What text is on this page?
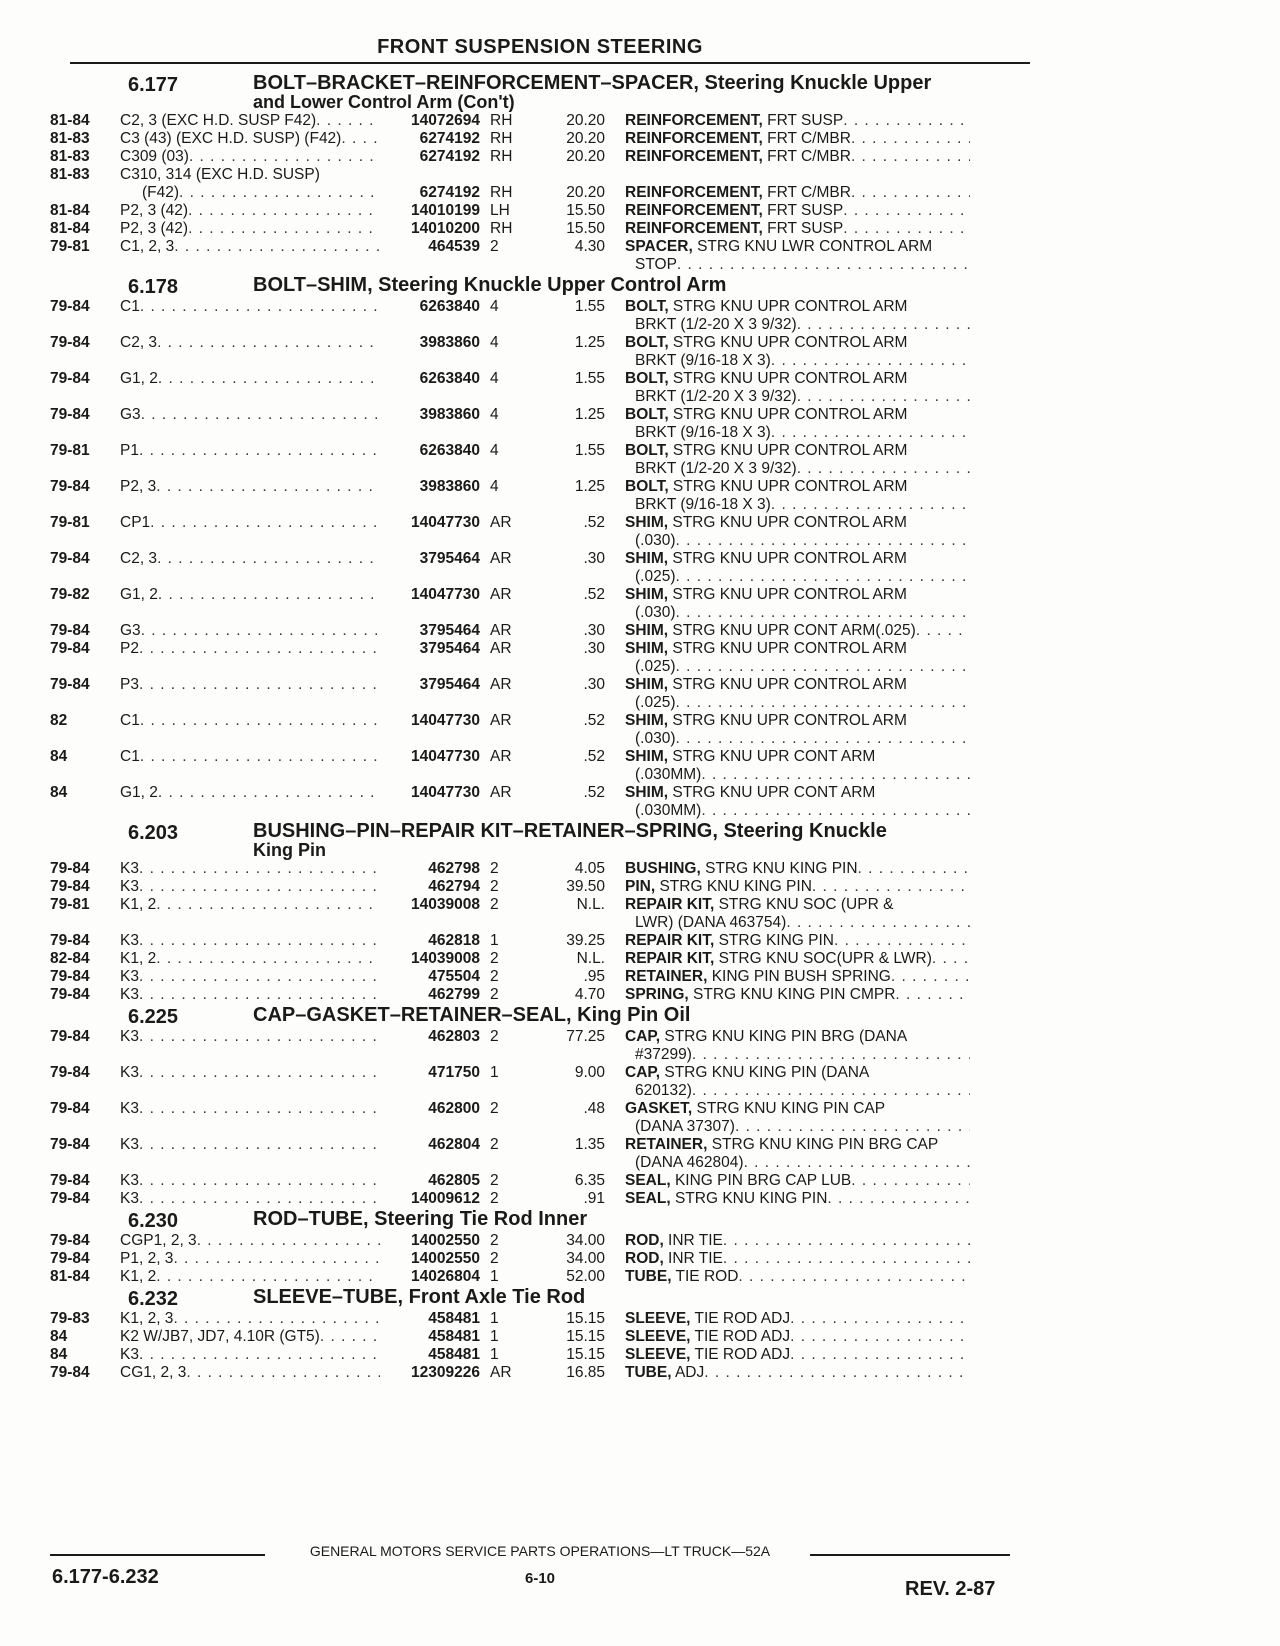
FRONT SUSPENSION STEERING
6.177	BOLT–BRACKET–REINFORCEMENT–SPACER, Steering Knuckle Upper
and Lower Control Arm (Con't)
81-84	C2, 3 (EXC H.D. SUSP F42) . . .	14072694 RH	20.20 REINFORCEMENT, FRT SUSP
. . .
81-83	C3 (43) (EXC H.D. SUSP) (F42) . . .	6274192 RH	20.20 REINFORCEMENT, FRT C/MBR
. . .
81-83	C309 (03) . . .	6274192 RH	20.20 REINFORCEMENT, FRT C/MBR
. . .
81-83	C310, 314 (EXC H.D. SUSP)
(F42) . . .	6274192 RH	20.20 REINFORCEMENT, FRT C/MBR
. . .
81-84	P2, 3 (42) . . .	14010199 LH	15.50 REINFORCEMENT, FRT SUSP
. . .
81-84	P2, 3 (42) . . .	14010200 RH	15.50 REINFORCEMENT, FRT SUSP
. . .
79-81	C1, 2, 3 . . .	464539 2	4.30 SPACER, STRG KNU LWR CONTROL ARM
STOP
. . .
6.178	BOLT–SHIM, Steering Knuckle Upper Control Arm
79-84	C1 . . .	6263840 4	1.55 BOLT, STRG KNU UPR CONTROL ARM
BRKT (1/2-20 X 3 9/32)
. . .
79-84	C2, 3 . . .	3983860 4	1.25 BOLT, STRG KNU UPR CONTROL ARM
BRKT (9/16-18 X 3)
. . .
79-84	G1, 2 . . .	6263840 4	1.55 BOLT, STRG KNU UPR CONTROL ARM
BRKT (1/2-20 X 3 9/32)
. . .
79-84	G3 . . .	3983860 4	1.25 BOLT, STRG KNU UPR CONTROL ARM
BRKT (9/16-18 X 3)
. . .
79-81	P1 . . .	6263840 4	1.55 BOLT, STRG KNU UPR CONTROL ARM
BRKT (1/2-20 X 3 9/32)
. . .
79-84	P2, 3 . . .	3983860 4	1.25 BOLT, STRG KNU UPR CONTROL ARM
BRKT (9/16-18 X 3)
. . .
79-81	CP1 . . .	14047730 AR	.52 SHIM, STRG KNU UPR CONTROL ARM
(.030)
. . .
79-84	C2, 3 . . .	3795464 AR	.30 SHIM, STRG KNU UPR CONTROL ARM
(.025)
. . .
79-82	G1, 2 . . .	14047730 AR	.52 SHIM, STRG KNU UPR CONTROL ARM
(.030)
. . .
79-84	G3 . . .	3795464 AR	.30 SHIM, STRG KNU UPR CONT ARM(.025)
. . .
79-84	P2 . . .	3795464 AR	.30 SHIM, STRG KNU UPR CONTROL ARM
(.025)
. . .
79-84	P3 . . .	3795464 AR	.30 SHIM, STRG KNU UPR CONTROL ARM
(.025)
. . .
82	C1 . . .	14047730 AR	.52 SHIM, STRG KNU UPR CONTROL ARM
(.030)
. . .
84	C1 . . .	14047730 AR	.52 SHIM, STRG KNU UPR CONT ARM
(.030MM)
. . .
84	G1, 2 . . .	14047730 AR	.52 SHIM, STRG KNU UPR CONT ARM
(.030MM)
. . .
6.203	BUSHING–PIN–REPAIR KIT–RETAINER–SPRING, Steering Knuckle
King Pin
79-84	K3 . . .	462798 2	4.05 BUSHING, STRG KNU KING PIN
. . .
79-84	K3 . . .	462794 2	39.50 PIN, STRG KNU KING PIN
. . .
79-81	K1, 2 . . .	14039008 2	N.L. REPAIR KIT, STRG KNU SOC (UPR &
LWR) (DANA 463754)
. . .
79-84	K3 . . .	462818 1	39.25 REPAIR KIT, STRG KING PIN
. . .
82-84	K1, 2 . . .	14039008 2	N.L. REPAIR KIT, STRG KNU SOC(UPR & LWR)
. . .
79-84	K3 . . .	475504 2	.95 RETAINER, KING PIN BUSH SPRING
. . .
79-84	K3 . . .	462799 2	4.70 SPRING, STRG KNU KING PIN CMPR
. . .
6.225	CAP–GASKET–RETAINER–SEAL, King Pin Oil
79-84	K3 . . .	462803 2	77.25 CAP, STRG KNU KING PIN BRG (DANA
#37299)
. . .
79-84	K3 . . .	471750 1	9.00 CAP, STRG KNU KING PIN (DANA
620132)
. . .
79-84	K3 . . .	462800 2	.48 GASKET, STRG KNU KING PIN CAP
(DANA 37307)
. . .
79-84	K3 . . .	462804 2	1.35 RETAINER, STRG KNU KING PIN BRG CAP
(DANA 462804)
. . .
79-84	K3 . . .	462805 2	6.35 SEAL, KING PIN BRG CAP LUB
. . .
79-84	K3 . . .	14009612 2	.91 SEAL, STRG KNU KING PIN
. . .
6.230	ROD–TUBE, Steering Tie Rod Inner
79-84	CGP1, 2, 3 . . .	14002550 2	34.00 ROD, INR TIE
. . .
79-84	P1, 2, 3 . . .	14002550 2	34.00 ROD, INR TIE
. . .
81-84	K1, 2 . . .	14026804 1	52.00 TUBE, TIE ROD
. . .
6.232	SLEEVE–TUBE, Front Axle Tie Rod
79-83	K1, 2, 3 . . .	458481 1	15.15 SLEEVE, TIE ROD ADJ
. . .
84	K2 W/JB7, JD7, 4.10R (GT5) . . .	458481 1	15.15 SLEEVE, TIE ROD ADJ
. . .
84	K3 . . .	458481 1	15.15 SLEEVE, TIE ROD ADJ
. . .
79-84	CG1, 2, 3 . . .	12309226 AR	16.85 TUBE, ADJ
. . .
GENERAL MOTORS SERVICE PARTS OPERATIONS—LT TRUCK—52A
6-10
6.177-6.232
REV. 2-87
